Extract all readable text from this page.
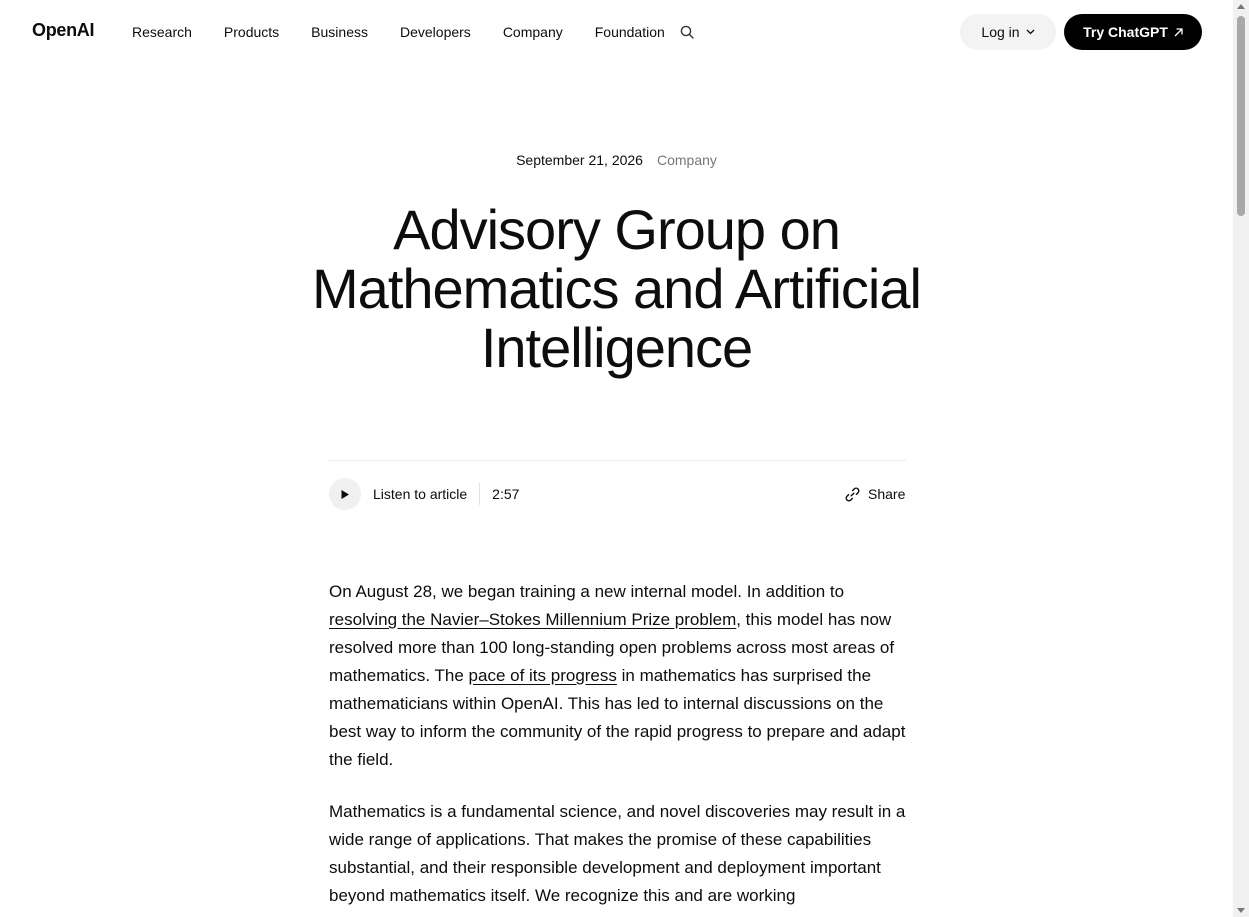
OpenAI	Research Products Business Developers Company Foundation	Log in	Try ChatGPT
September 21, 2026 Company
Advisory Group on Mathematics and Artificial Intelligence
Listen to article 2:57	Share

On August 28, we began training a new internal model. In addition to resolving the Navier–Stokes Millennium Prize problem, this model has now resolved more than 100 long-standing open problems across most areas of mathematics. The pace of its progress in mathematics has surprised the mathematicians within OpenAI. This has led to internal discussions on the best way to inform the community of the rapid progress to prepare and adapt the field.

Mathematics is a fundamental science, and novel discoveries may result in a wide range of applications. That makes the promise of these capabilities substantial, and their responsible development and deployment important beyond mathematics itself. We recognize this and are working
